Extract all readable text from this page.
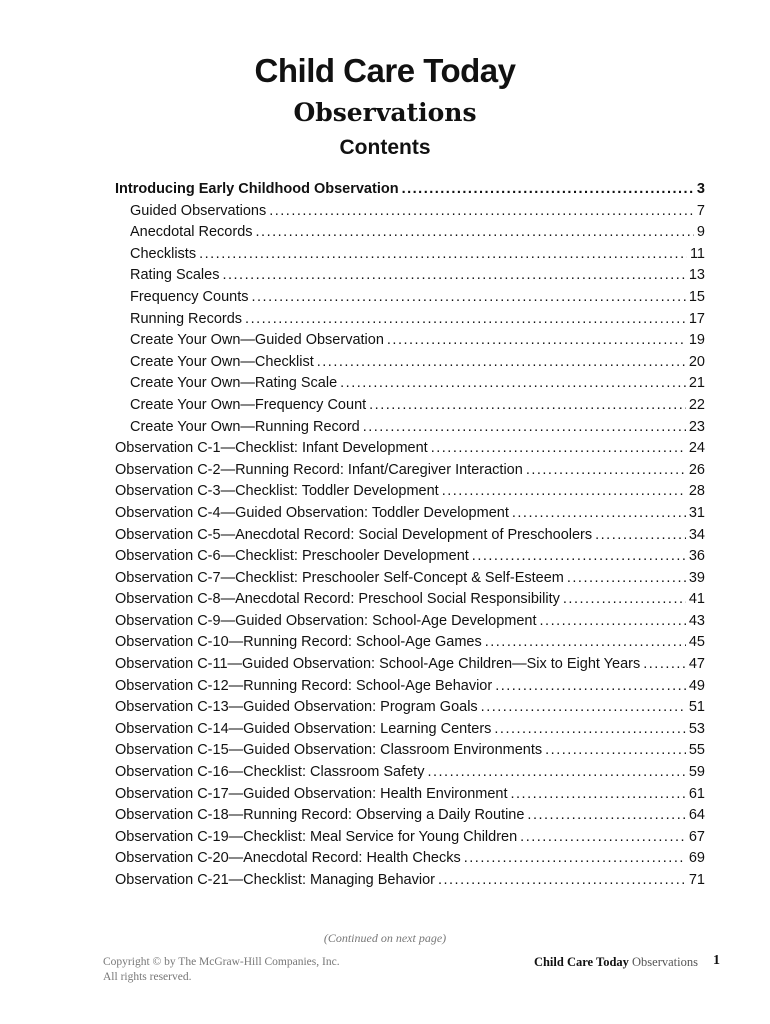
Child Care Today
Observations
Contents
Introducing Early Childhood Observation .....	3
Guided Observations .....	7
Anecdotal Records .....	9
Checklists .....	11
Rating Scales .....	13
Frequency Counts .....	15
Running Records .....	17
Create Your Own—Guided Observation .....	19
Create Your Own—Checklist .....	20
Create Your Own—Rating Scale .....	21
Create Your Own—Frequency Count .....	22
Create Your Own—Running Record .....	23
Observation C-1—Checklist: Infant Development .....	24
Observation C-2—Running Record: Infant/Caregiver Interaction .....	26
Observation C-3—Checklist: Toddler Development .....	28
Observation C-4—Guided Observation: Toddler Development .....	31
Observation C-5—Anecdotal Record: Social Development of Preschoolers .....	34
Observation C-6—Checklist: Preschooler Development .....	36
Observation C-7—Checklist: Preschooler Self-Concept & Self-Esteem .....	39
Observation C-8—Anecdotal Record: Preschool Social Responsibility .....	41
Observation C-9—Guided Observation: School-Age Development .....	43
Observation C-10—Running Record: School-Age Games .....	45
Observation C-11—Guided Observation: School-Age Children—Six to Eight Years .....	47
Observation C-12—Running Record: School-Age Behavior .....	49
Observation C-13—Guided Observation: Program Goals .....	51
Observation C-14—Guided Observation: Learning Centers .....	53
Observation C-15—Guided Observation: Classroom Environments .....	55
Observation C-16—Checklist: Classroom Safety .....	59
Observation C-17—Guided Observation: Health Environment .....	61
Observation C-18—Running Record: Observing a Daily Routine .....	64
Observation C-19—Checklist: Meal Service for Young Children .....	67
Observation C-20—Anecdotal Record: Health Checks .....	69
Observation C-21—Checklist: Managing Behavior .....	71
(Continued on next page)
Copyright © by The McGraw-Hill Companies, Inc.
All rights reserved.
Child Care Today Observations 1
